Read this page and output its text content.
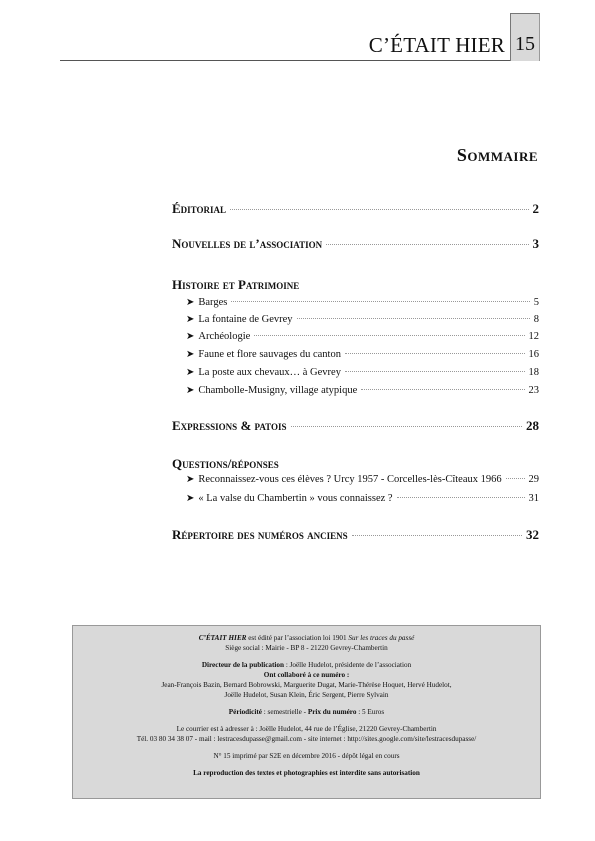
C’ÉTAIT HIER 15
Sommaire
Éditorial	2
Nouvelles de l’association	3
Histoire et Patrimoine
➤ Barges	5
➤ La fontaine de Gevrey	8
➤ Archéologie	12
➤ Faune et flore sauvages du canton	16
➤ La poste aux chevaux… à Gevrey	18
➤ Chambolle-Musigny, village atypique	23
Expressions & patois	28
Questions/réponses
➤ Reconnaissez-vous ces élèves ? Urcy 1957 - Corcelles-lès-Cîteaux 1966	29
➤ « La valse du Chambertin » vous connaissez ?	31
Répertoire des numéros anciens	32

C’ÉTAIT HIER est édité par l’association loi 1901 Sur les traces du passé

Siège social : Mairie - BP 8 - 21220 Gevrey-Chambertin

Directeur de la publication : Joëlle Hudelot, présidente de l’association

Ont collaboré à ce numéro :

Jean-François Bazin, Bernard Bobrowski, Marguerite Dugat, Marie-Thérèse Hoquet, Hervé Hudelot,

Joëlle Hudelot, Susan Klein, Éric Sergent, Pierre Sylvain

Périodicité : semestrielle - Prix du numéro : 5 Euros

Le courrier est à adresser à : Joëlle Hudelot, 44 rue de l’Église, 21220 Gevrey-Chambertin

Tél. 03 80 34 38 07 - mail : lestracesdupasse@gmail.com - site internet : http://sites.google.com/site/lestracesdupasse/

N° 15 imprimé par S2E en décembre 2016 - dépôt légal en cours

La reproduction des textes et photographies est interdite sans autorisation
